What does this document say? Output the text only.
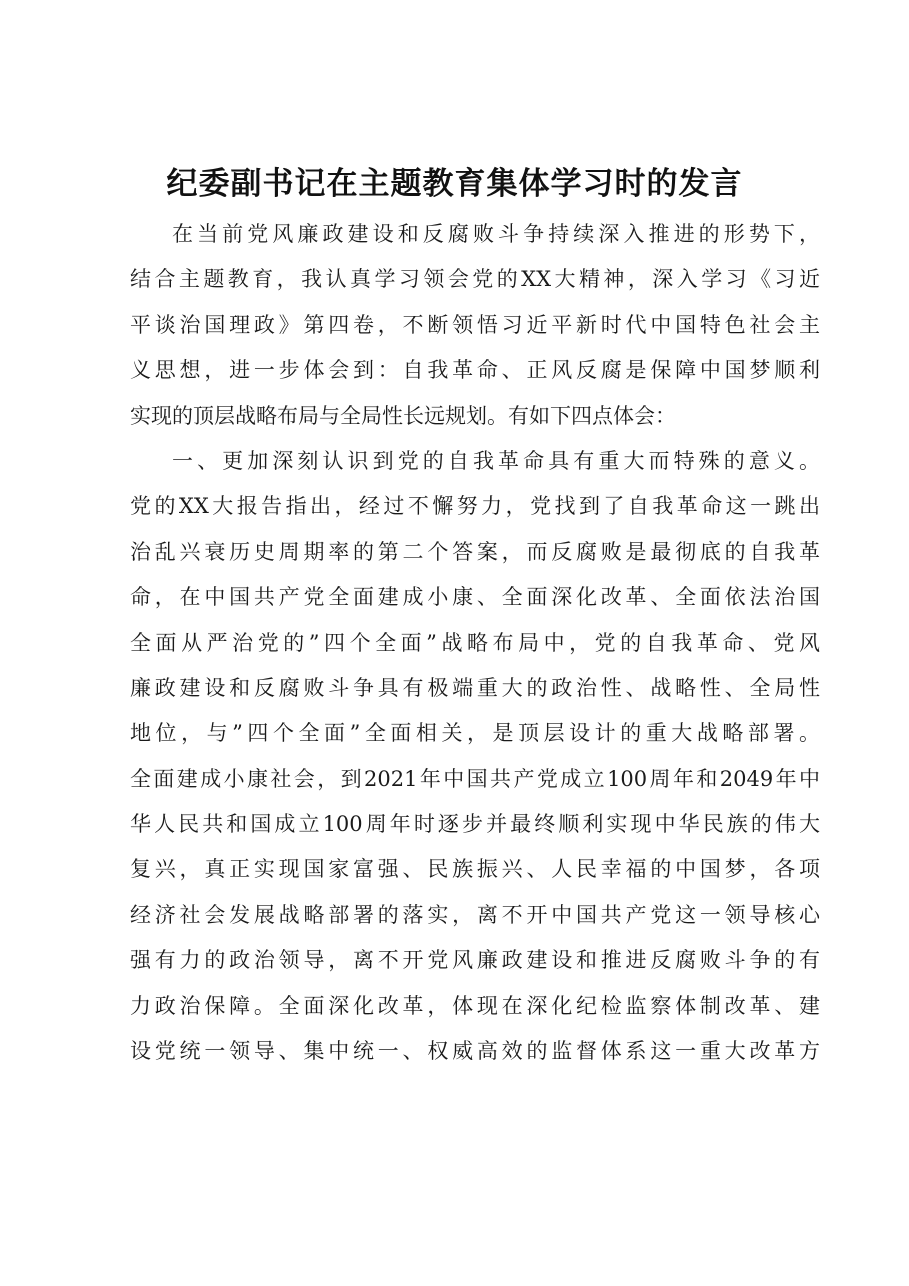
纪委副书记在主题教育集体学习时的发言
在当前党风廉政建设和反腐败斗争持续深入推进的形势下，
结合主题教育，我认真学习领会党的XX大精神，深入学习《习近
平谈治国理政》第四卷，不断领悟习近平新时代中国特色社会主
义思想，进一步体会到：自我革命、正风反腐是保障中国梦顺利
实现的顶层战略布局与全局性长远规划。有如下四点体会：
一、更加深刻认识到党的自我革命具有重大而特殊的意义。
党的XX大报告指出，经过不懈努力，党找到了自我革命这一跳出
治乱兴衰历史周期率的第二个答案，而反腐败是最彻底的自我革
命，在中国共产党全面建成小康、全面深化改革、全面依法治国
全面从严治党的”四个全面”战略布局中，党的自我革命、党风
廉政建设和反腐败斗争具有极端重大的政治性、战略性、全局性
地位，与”四个全面”全面相关，是顶层设计的重大战略部署。
全面建成小康社会，到2021年中国共产党成立100周年和2049年中
华人民共和国成立100周年时逐步并最终顺利实现中华民族的伟大
复兴，真正实现国家富强、民族振兴、人民幸福的中国梦，各项
经济社会发展战略部署的落实，离不开中国共产党这一领导核心
强有力的政治领导，离不开党风廉政建设和推进反腐败斗争的有
力政治保障。全面深化改革，体现在深化纪检监察体制改革、建
设党统一领导、集中统一、权威高效的监督体系这一重大改革方
